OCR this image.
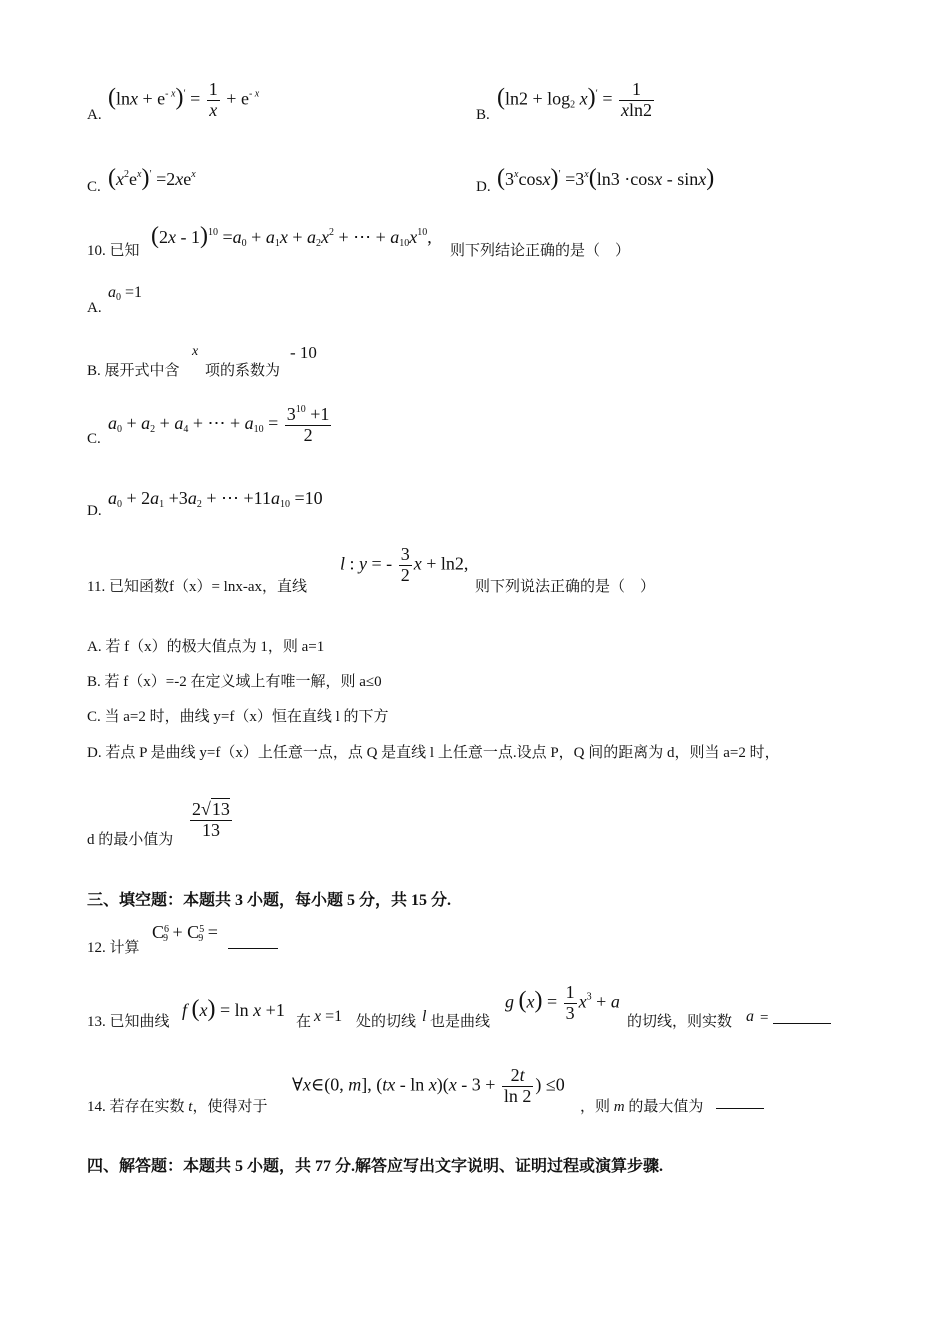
A.
$(\ln x + e^{- x})' = \frac{1}{x} + e^{- x}$
B.
$(\ln 2 + \log_2 x)' = \frac{1}{xln2}$
C. $(x^2e^x)' =2xe^x$
D. $(3^x\cos x)' =3^x(\ln 3 \cdot\cos x - \sin x)$
10. 已知
$(2x - 1)^{10} =a_0 + a_1x + a_2x^2$ + ⋯ + $a_{10}x^{10}$,
则下列结论正确的是（　）
A.
$a_0 =1$
B. 展开式中含
x
项的系数为
- 10
C.
$a_0 + a_2 + a_4$ + ⋯ + $a_{10} = \frac{3^{10} +1}{2}$
D.
$a_0 + 2a_1 +3a_2$ + ⋯ $+11a_{10} =10$
11. 已知函数f（x）= lnx-ax，直线
l : y = - $\frac{3}{2}$ x + ln2,
则下列说法正确的是（　）
A. 若 f（x）的极大值点为 1，则 a=1
B. 若 f（x）=-2 在定义域上有唯一解，则 a≤0
C. 当 a=2 时，曲线 y=f（x）恒在直线 l 的下方
D. 若点 P 是曲线 y=f（x）上任意一点，点 Q 是直线 l 上任意一点.设点 P，Q 间的距离为 d，则当 a=2 时，
d 的最小值为 $\frac{2√13}{13}$
三、填空题：本题共 3 小题，每小题 5 分，共 15 分.
12. 计算
$C^6_9 + C^5_9$ =
13. 已知曲线
f (x) = ln x +1
在 x =1 处的切线 l 也是曲线
g $(x) = \frac{1}{3} x^3 + a$
的切线，则实数 a =
14. 若存在实数 t，使得对于
∀x∈(0, m], $(tx - \ln x)(x - 3 + \frac{2t}{\ln 2}$ ) ≤0
，则 m 的最大值为
四、解答题：本题共 5 小题，共 77 分.解答应写出文字说明、证明过程或演算步骤.
